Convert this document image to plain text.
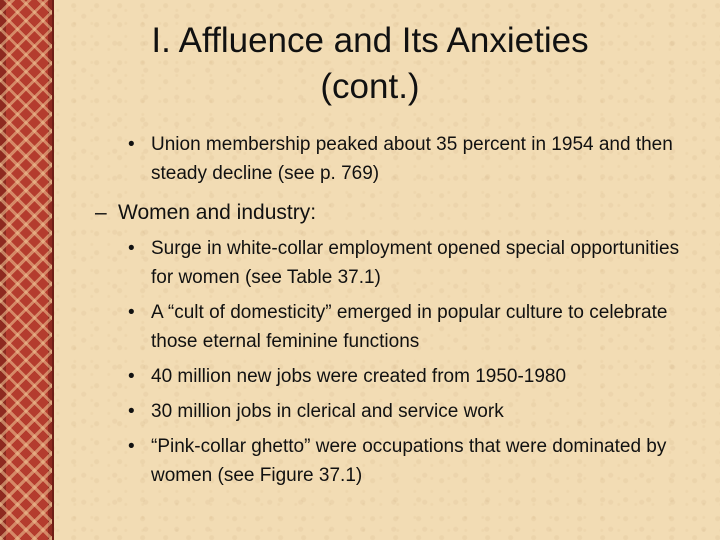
I. Affluence and Its Anxieties
(cont.)

• Union membership peaked about 35 percent in 1954 and then steady decline (see p. 769)

– Women and industry:

• Surge in white-collar employment opened special opportunities for women (see Table 37.1)

• A “cult of domesticity” emerged in popular culture to celebrate those eternal feminine functions

• 40 million new jobs were created from 1950-1980

• 30 million jobs in clerical and service work

• “Pink-collar ghetto” were occupations that were dominated by women (see Figure 37.1)
